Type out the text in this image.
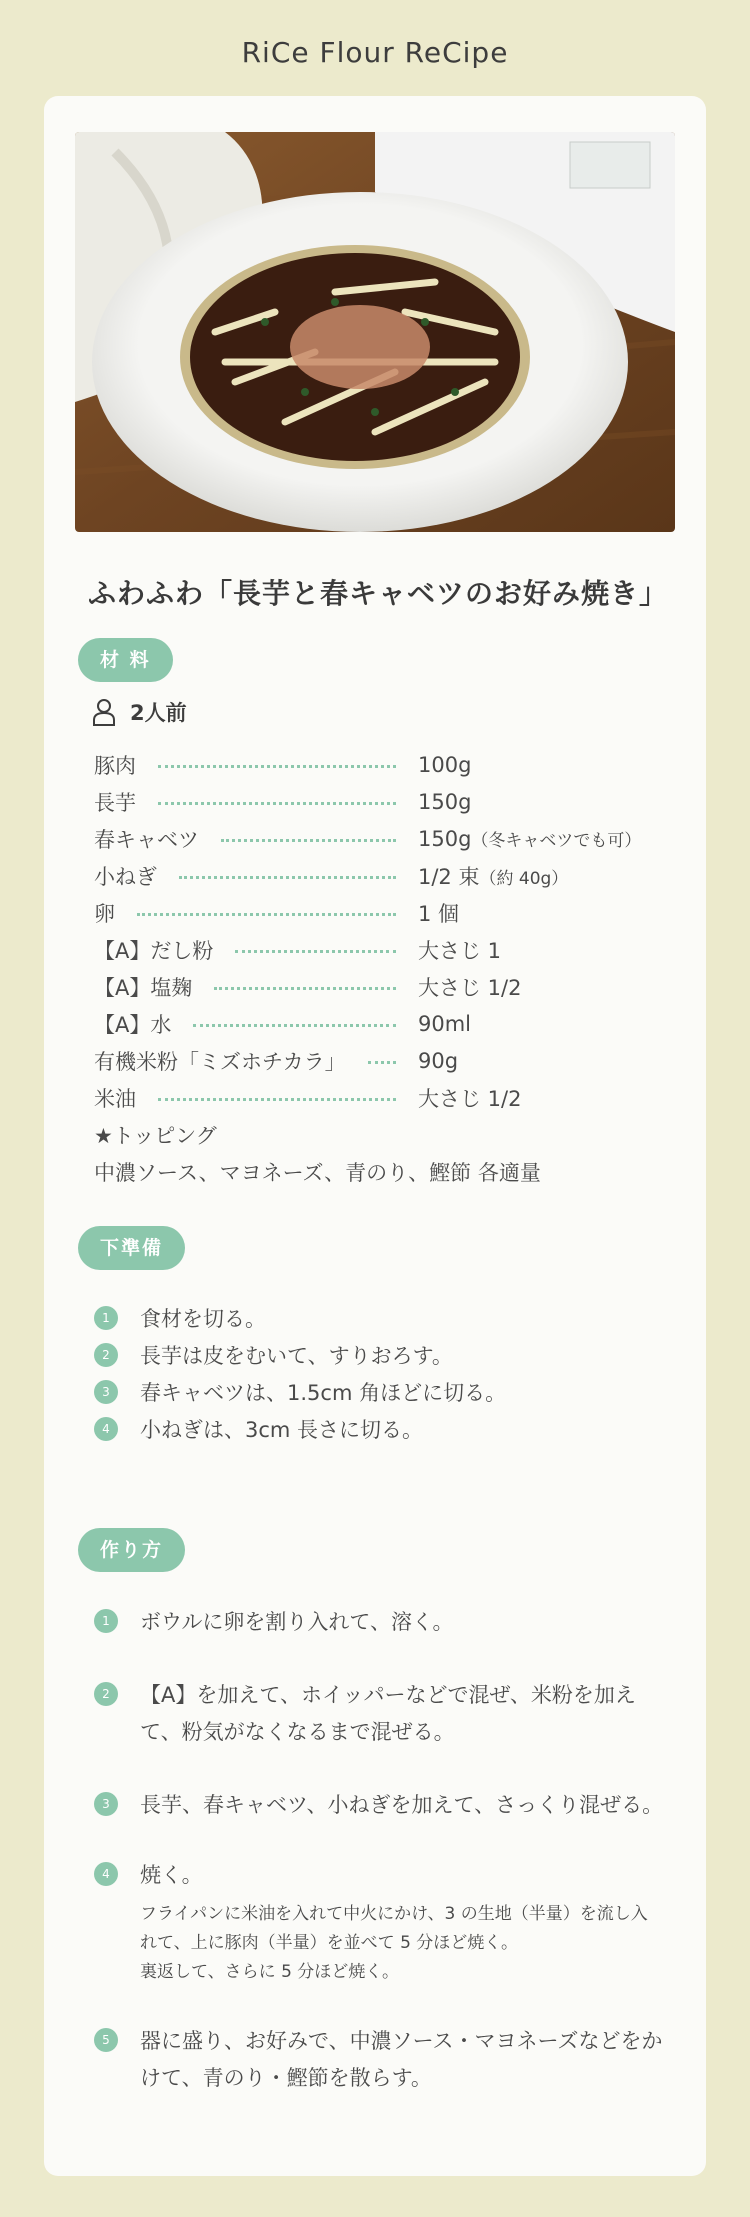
RiCe Flour ReCipe
ふわふわ「長芋と春キャベツのお好み焼き」
材 料
2人前
豚肉	100g
長芋	150g
春キャベツ	150g（冬キャベツでも可）
小ねぎ	1/2 束（約 40g）
卵	1 個
【A】だし粉	大さじ 1
【A】塩麹	大さじ 1/2
【A】水	90ml
有機米粉「ミズホチカラ」	90g
米油	大さじ 1/2
★トッピング
中濃ソース、マヨネーズ、青のり、鰹節 各適量
下準備
1	食材を切る。
2	長芋は皮をむいて、すりおろす。
3	春キャベツは、1.5cm 角ほどに切る。
4	小ねぎは、3cm 長さに切る。
作り方
1	ボウルに卵を割り入れて、溶く。
2	【A】を加えて、ホイッパーなどで混ぜ、米粉を加えて、粉気がなくなるまで混ぜる。
3	長芋、春キャベツ、小ねぎを加えて、さっくり混ぜる。
4	焼く。
フライパンに米油を入れて中火にかけ、3 の生地（半量）を流し入れて、上に豚肉（半量）を並べて 5 分ほど焼く。
裏返して、さらに 5 分ほど焼く。
5	器に盛り、お好みで、中濃ソース・マヨネーズなどをかけて、青のり・鰹節を散らす。
